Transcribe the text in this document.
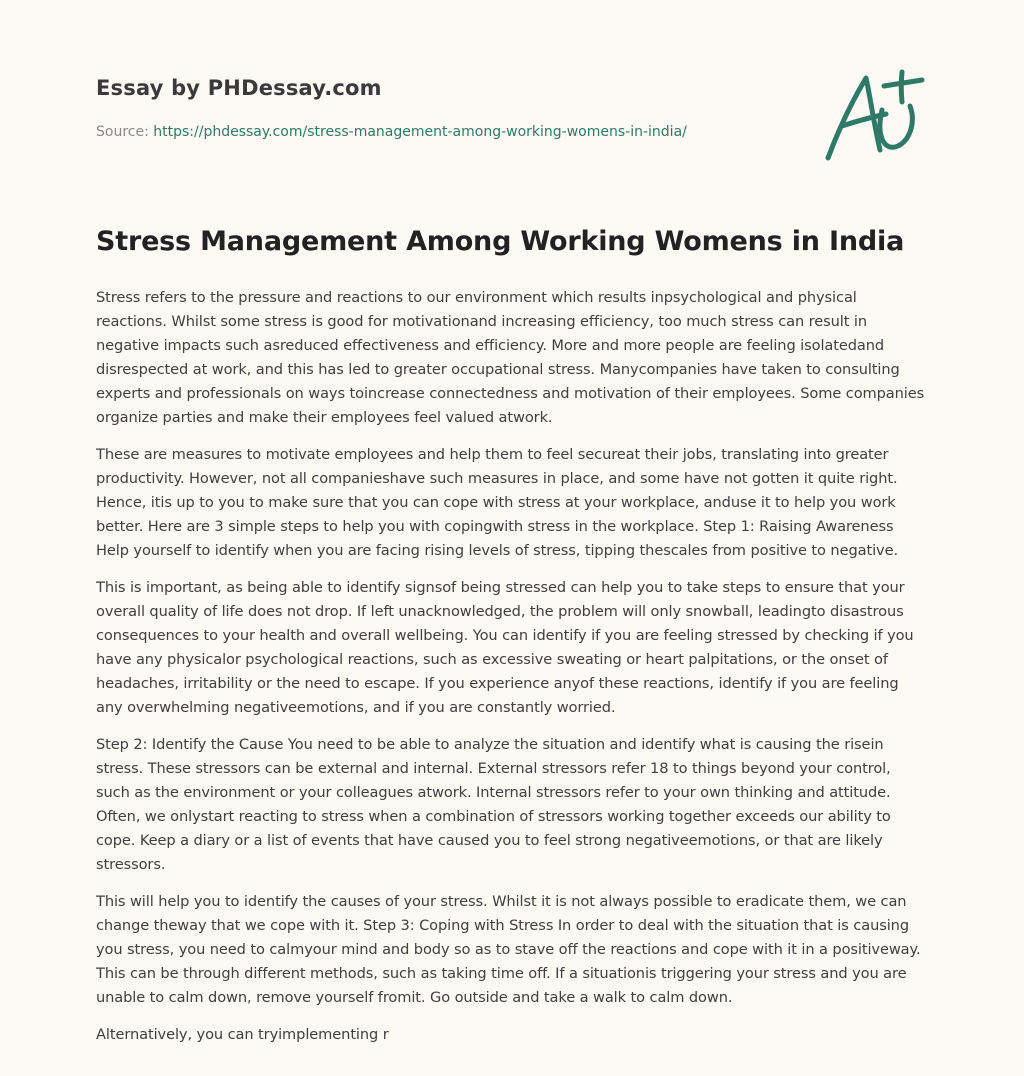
Essay by PHDessay.com
Source: https://phdessay.com/stress-management-among-working-womens-in-india/
Stress Management Among Working Womens in India

Stress refers to the pressure and reactions to our environment which results inpsychological and physical reactions. Whilst some stress is good for motivationand increasing efficiency, too much stress can result in negative impacts such asreduced effectiveness and efficiency. More and more people are feeling isolatedand disrespected at work, and this has led to greater occupational stress. Manycompanies have taken to consulting experts and professionals on ways toincrease connectedness and motivation of their employees. Some companies organize parties and make their employees feel valued atwork.

These are measures to motivate employees and help them to feel secureat their jobs, translating into greater productivity. However, not all companieshave such measures in place, and some have not gotten it quite right. Hence, itis up to you to make sure that you can cope with stress at your workplace, anduse it to help you work better. Here are 3 simple steps to help you with copingwith stress in the workplace. Step 1: Raising Awareness Help yourself to identify when you are facing rising levels of stress, tipping thescales from positive to negative.

This is important, as being able to identify signsof being stressed can help you to take steps to ensure that your overall quality of life does not drop. If left unacknowledged, the problem will only snowball, leadingto disastrous consequences to your health and overall wellbeing. You can identify if you are feeling stressed by checking if you have any physicalor psychological reactions, such as excessive sweating or heart palpitations, or the onset of headaches, irritability or the need to escape. If you experience anyof these reactions, identify if you are feeling any overwhelming negativeemotions, and if you are constantly worried.

Step 2: Identify the Cause You need to be able to analyze the situation and identify what is causing the risein stress. These stressors can be external and internal. External stressors refer 18 to things beyond your control, such as the environment or your colleagues atwork. Internal stressors refer to your own thinking and attitude. Often, we onlystart reacting to stress when a combination of stressors working together exceeds our ability to cope. Keep a diary or a list of events that have caused you to feel strong negativeemotions, or that are likely stressors.

This will help you to identify the causes of your stress. Whilst it is not always possible to eradicate them, we can change theway that we cope with it. Step 3: Coping with Stress In order to deal with the situation that is causing you stress, you need to calmyour mind and body so as to stave off the reactions and cope with it in a positiveway. This can be through different methods, such as taking time off. If a situationis triggering your stress and you are unable to calm down, remove yourself fromit. Go outside and take a walk to calm down.

Alternatively, you can tryimplementing r
